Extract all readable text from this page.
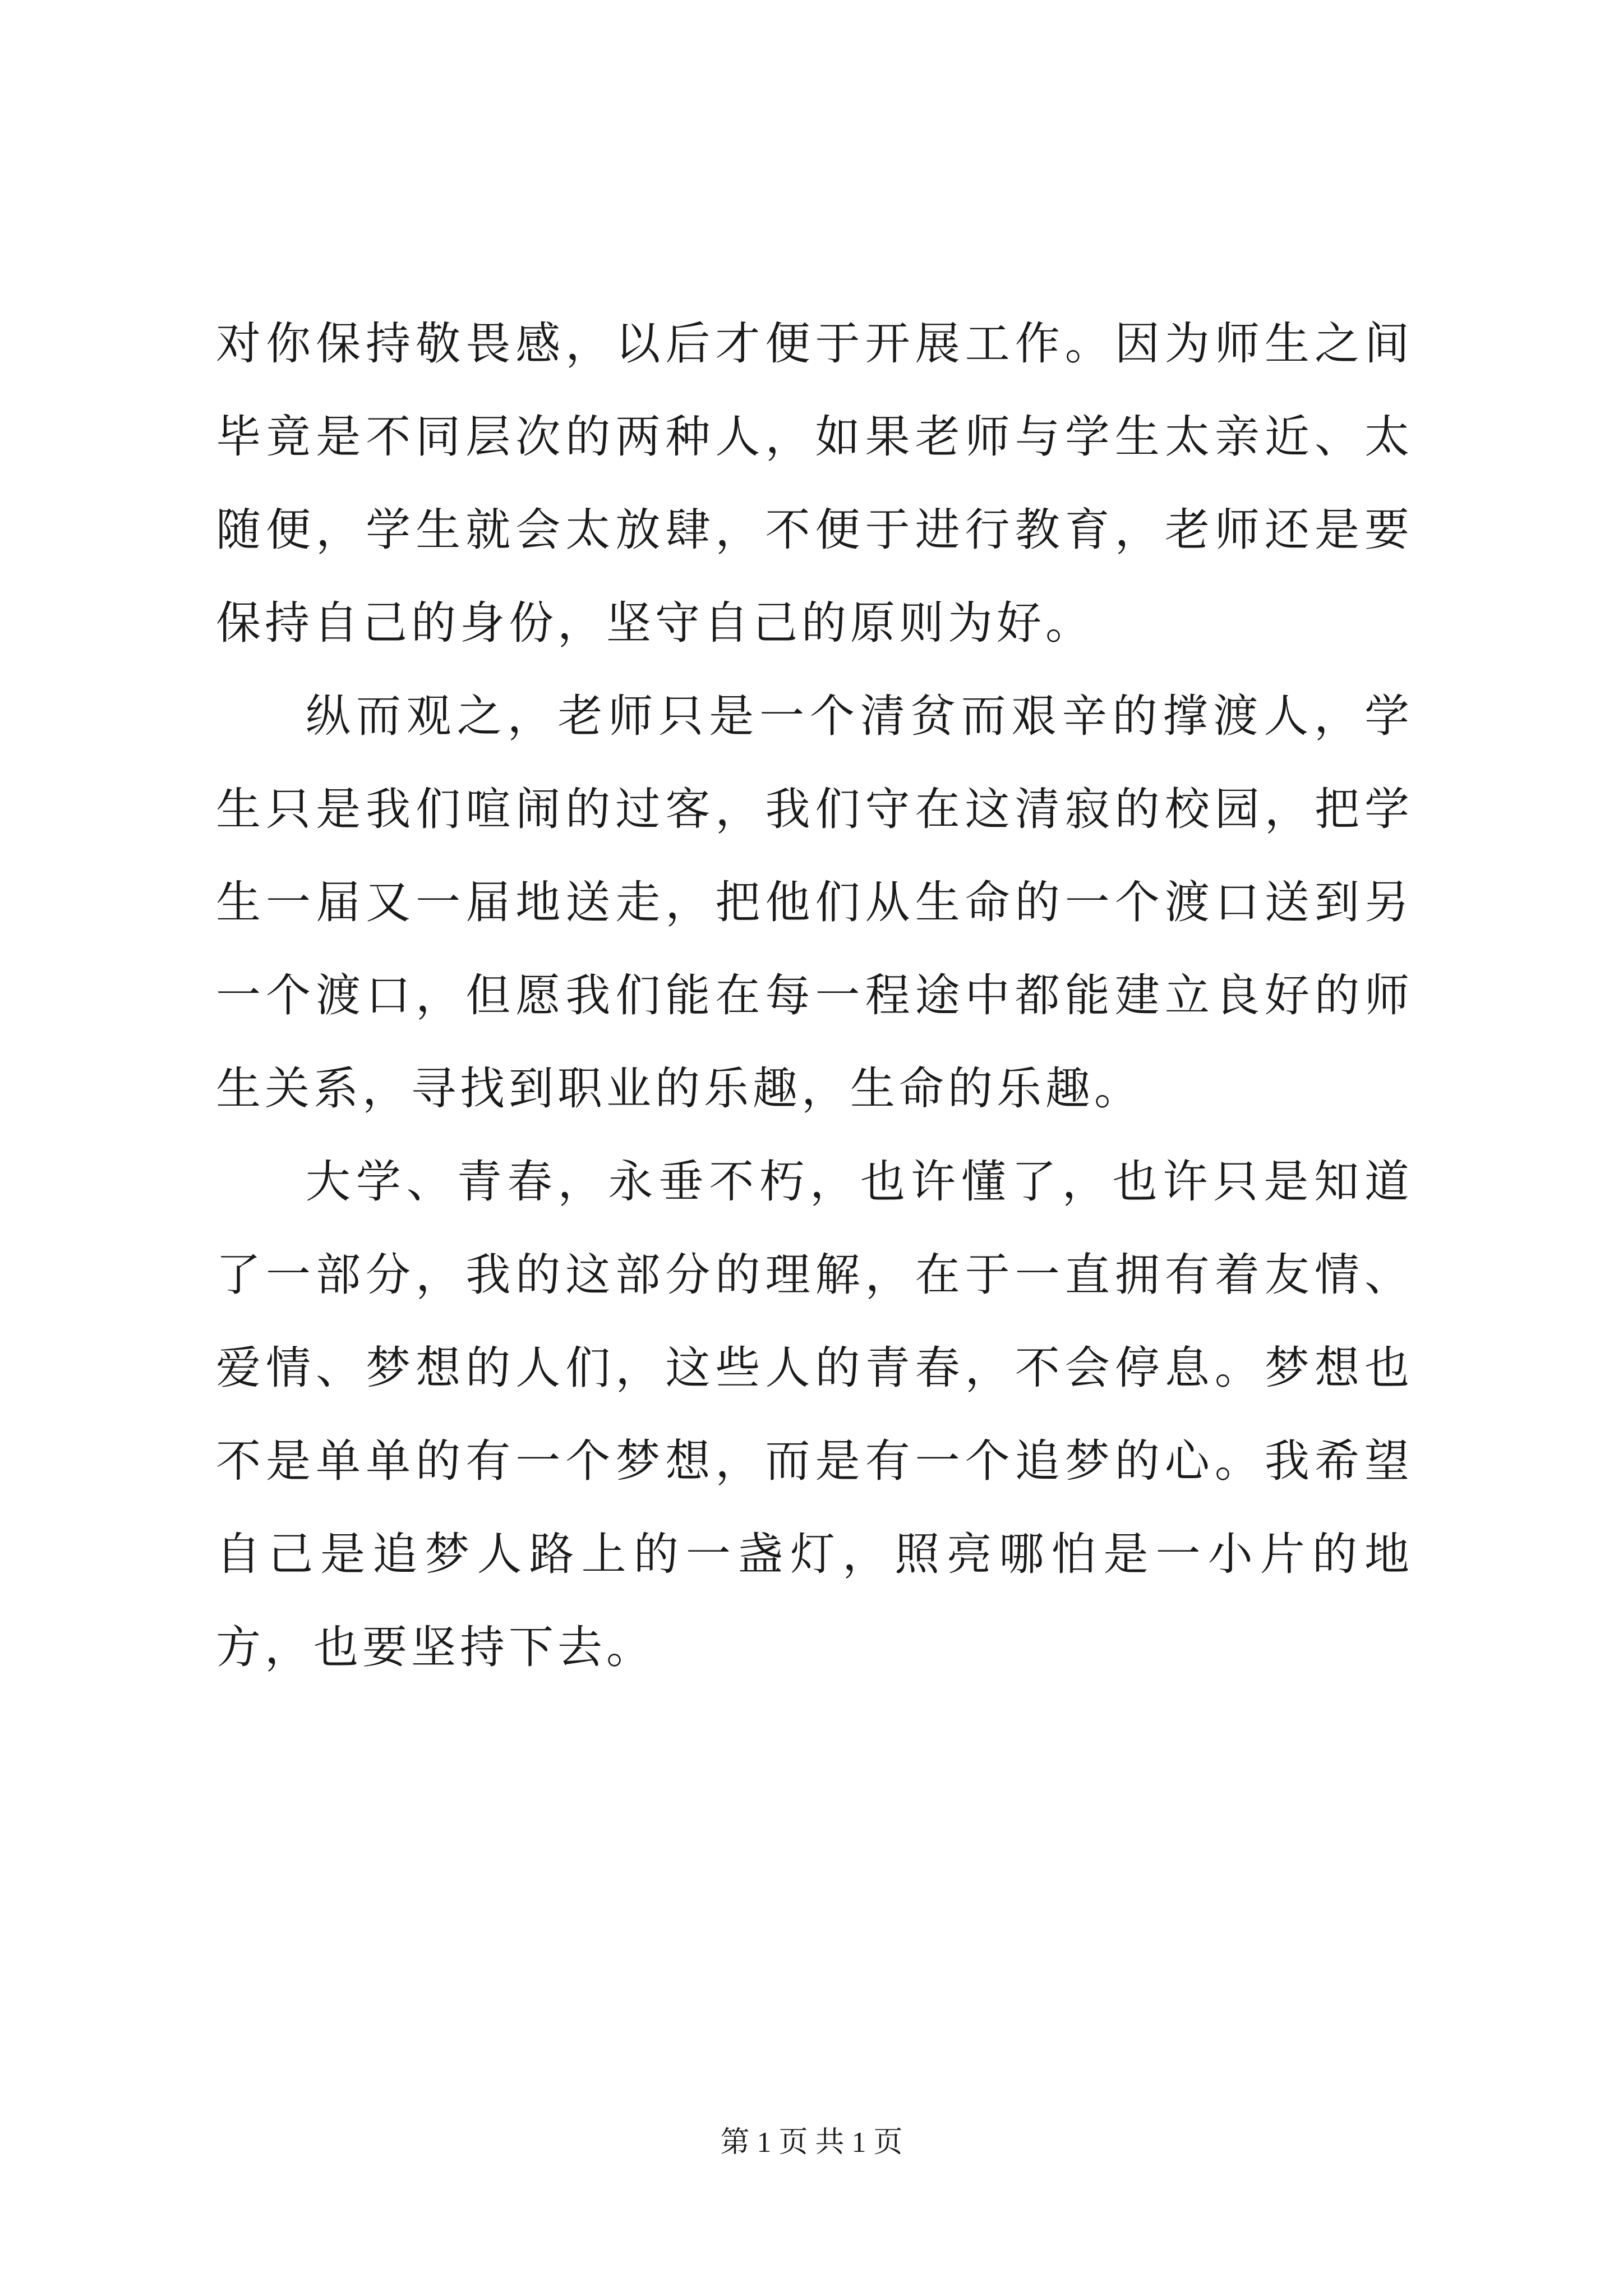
对你保持敬畏感，以后才便于开展工作。因为师生之间毕竟是不同层次的两种人，如果老师与学生太亲近、太随便，学生就会太放肆，不便于进行教育，老师还是要保持自己的身份，坚守自己的原则为好。

纵而观之，老师只是一个清贫而艰辛的撑渡人，学生只是我们喧闹的过客，我们守在这清寂的校园，把学生一届又一届地送走，把他们从生命的一个渡口送到另一个渡口，但愿我们能在每一程途中都能建立良好的师生关系，寻找到职业的乐趣，生命的乐趣。

大学、青春，永垂不朽，也许懂了，也许只是知道了一部分，我的这部分的理解，在于一直拥有着友情、爱情、梦想的人们，这些人的青春，不会停息。梦想也不是单单的有一个梦想，而是有一个追梦的心。我希望自己是追梦人路上的一盏灯，照亮哪怕是一小片的地方，也要坚持下去。

第 1 页 共 1 页
